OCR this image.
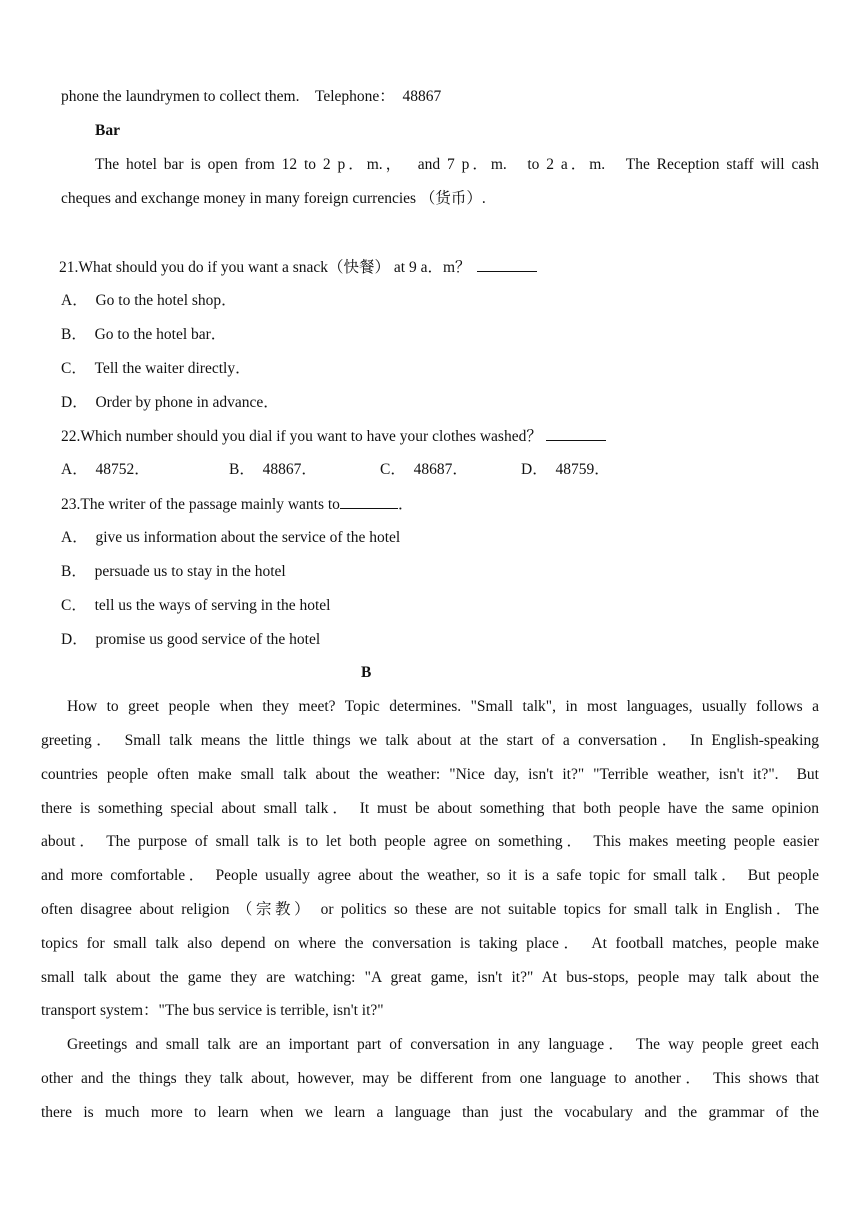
phone the laundrymen to collect them.    Telephone：  48867
Bar
The hotel bar is open from 12 to 2 p．m.，  and 7 p．m.   to 2 a．m.   The Reception staff will cash
cheques and exchange money in many foreign currencies （货币）.
21.What should you do if you want a snack（快餐） at 9 a．m？
A．  Go to the hotel shop．
B．  Go to the hotel bar．
C．  Tell the waiter directly．
D．  Order by phone in advance．
22.Which number should you dial if you want to have your clothes washed？
A．  48752．	B．  48867．	C．  48687．	D．  48759．
23.The writer of the passage mainly wants to	．
A．  give us information about the service of the hotel
B．  persuade us to stay in the hotel
C．  tell us the ways of serving in the hotel
D．  promise us good service of the hotel
B
How to greet people when they meet? Topic determines. "Small talk", in most languages, usually follows a
greeting． Small talk means the little things we talk about at the start of a conversation． In English-speaking
countries people often make small talk about the weather: "Nice day, isn't it?" "Terrible weather, isn't it?".  But
there is something special about small talk． It must be about something that both people have the same opinion
about． The purpose of small talk is to let both people agree on something． This makes meeting people easier
and more comfortable． People usually agree about the weather, so it is a safe topic for small talk． But people
often disagree about religion （宗教） or politics so these are not suitable topics for small talk in English．The
topics for small talk also depend on where the conversation is taking place． At football matches, people make
small talk about the game they are watching: "A great game, isn't it?" At bus-stops, people may talk about the
transport system："The bus service is terrible, isn't it?"
Greetings and small talk are an important part of conversation in any language． The way people greet each
other and the things they talk about, however, may be different from one language to another． This shows that
there is much more to learn when we learn a language than just the vocabulary and the grammar of the
